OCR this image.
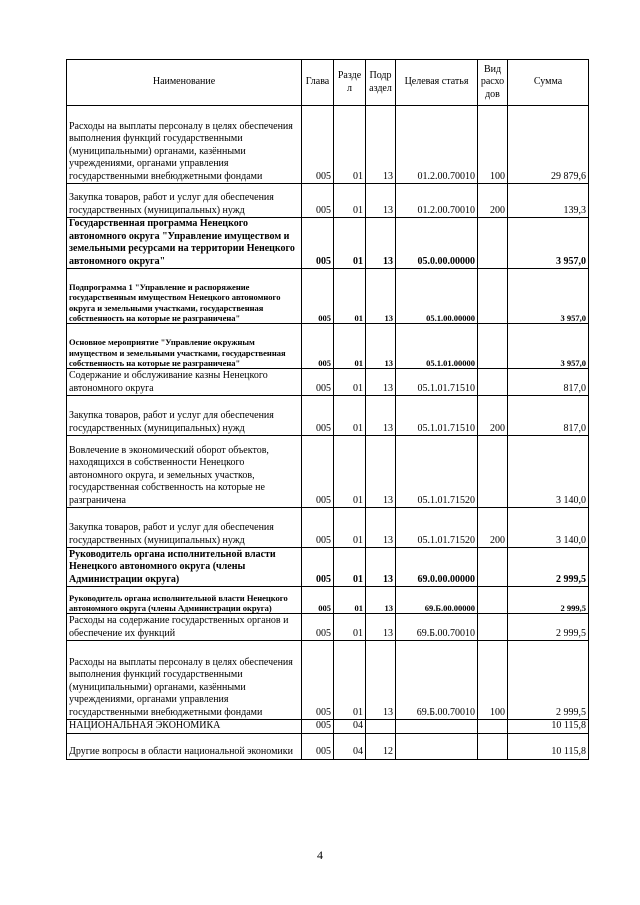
Наименование	Глава	Разде л	Подр аздел	Целевая статья	Вид расхо дов	Сумма
Расходы на выплаты персоналу в целях обеспечения выполнения функций государственными (муниципальными) органами, казёнными учреждениями, органами управления государственными внебюджетными фондами	005	01	13	01.2.00.70010	100	29 879,6
Закупка товаров, работ и услуг для обеспечения государственных (муниципальных) нужд	005	01	13	01.2.00.70010	200	139,3
Государственная программа Ненецкого автономного округа "Управление имуществом и земельными ресурсами на территории Ненецкого автономного округа"	005	01	13	05.0.00.00000		3 957,0
Подпрограмма 1 "Управление и распоряжение государственным имуществом Ненецкого автономного округа и земельными участками, государственная собственность на которые не разграничена"	005	01	13	05.1.00.00000		3 957,0
Основное мероприятие "Управление окружным имуществом и земельными участками, государственная собственность на которые не разграничена"	005	01	13	05.1.01.00000		3 957,0
Содержание и обслуживание казны Ненецкого автономного округа	005	01	13	05.1.01.71510		817,0
Закупка товаров, работ и услуг для обеспечения государственных (муниципальных) нужд	005	01	13	05.1.01.71510	200	817,0
Вовлечение в экономический оборот объектов, находящихся в собственности Ненецкого автономного округа, и земельных участков, государственная собственность на которые не разграничена	005	01	13	05.1.01.71520		3 140,0
Закупка товаров, работ и услуг для обеспечения государственных (муниципальных) нужд	005	01	13	05.1.01.71520	200	3 140,0
Руководитель органа исполнительной власти Ненецкого автономного округа (члены Администрации округа)	005	01	13	69.0.00.00000		2 999,5
Руководитель органа исполнительной власти Ненецкого автономного округа (члены Администрации округа)	005	01	13	69.Б.00.00000		2 999,5
Расходы на содержание государственных органов и обеспечение их функций	005	01	13	69.Б.00.70010		2 999,5
Расходы на выплаты персоналу в целях обеспечения выполнения функций государственными (муниципальными) органами, казёнными учреждениями, органами управления государственными внебюджетными фондами	005	01	13	69.Б.00.70010	100	2 999,5
НАЦИОНАЛЬНАЯ ЭКОНОМИКА	005	04				10 115,8
Другие вопросы в области национальной экономики	005	04	12			10 115,8
4
